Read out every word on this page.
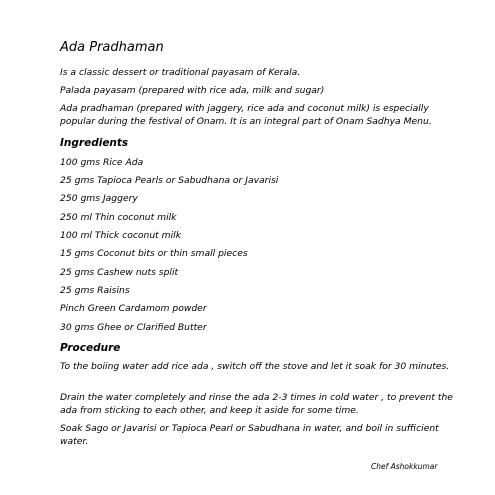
Ada Pradhaman

Is a classic dessert or traditional payasam of Kerala.

Palada payasam (prepared with rice ada, milk and sugar)

Ada pradhaman (prepared with jaggery, rice ada and coconut milk) is especially popular during the festival of Onam. It is an integral part of Onam Sadhya Menu.

Ingredients

100 gms Rice Ada

25 gms Tapioca Pearls or Sabudhana or Javarisi

250 gms Jaggery

250 ml Thin coconut milk

100 ml Thick coconut milk

15 gms Coconut bits or thin small pieces

25 gms Cashew nuts split

25 gms Raisins

Pinch Green Cardamom powder

30 gms Ghee or Clarified Butter

Procedure

To the boiing water add rice ada , switch off the stove and let it soak for 30 minutes.

Drain the water completely and rinse the ada 2-3 times in cold water , to prevent the ada from sticking to each other, and keep it aside for some time.

Soak Sago or Javarisi or Tapioca Pearl or Sabudhana in water, and boil in sufficient water.

Chef Ashokkumar
